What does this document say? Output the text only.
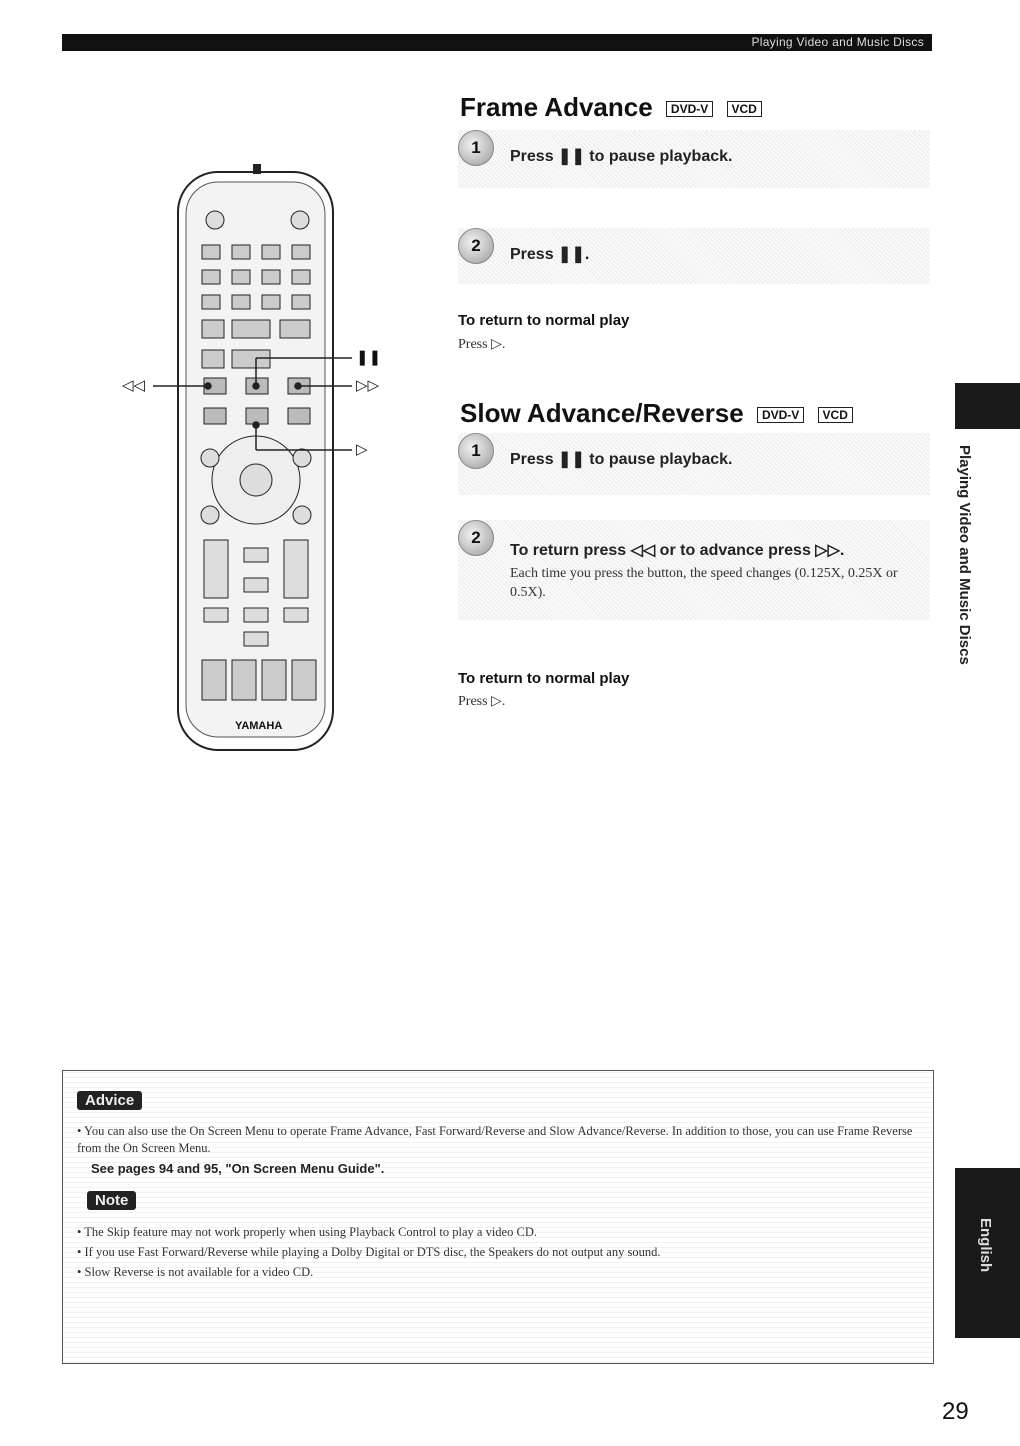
Playing Video and Music Discs
❚❚
◁◁	▷▷
▷
YAMAHA
Frame Advance DVD-V VCD
1	Press ❚❚ to pause playback.
2	Press ❚❚.
To return to normal play
Press ▷.
Slow Advance/Reverse DVD-V VCD
1	Press ❚❚ to pause playback.
2
To return press ◁◁ or to advance press ▷▷.
Each time you press the button, the speed changes (0.125X, 0.25X or 0.5X).
To return to normal play
Press ▷.
Playing Video and Music Discs
English
Advice
• You can also use the On Screen Menu to operate Frame Advance, Fast Forward/Reverse and Slow Advance/Reverse. In addition to those, you can use Frame Reverse from the On Screen Menu.
See pages 94 and 95, "On Screen Menu Guide".
Note
• The Skip feature may not work properly when using Playback Control to play a video CD.
• If you use Fast Forward/Reverse while playing a Dolby Digital or DTS disc, the Speakers do not output any sound.
• Slow Reverse is not available for a video CD.
29
